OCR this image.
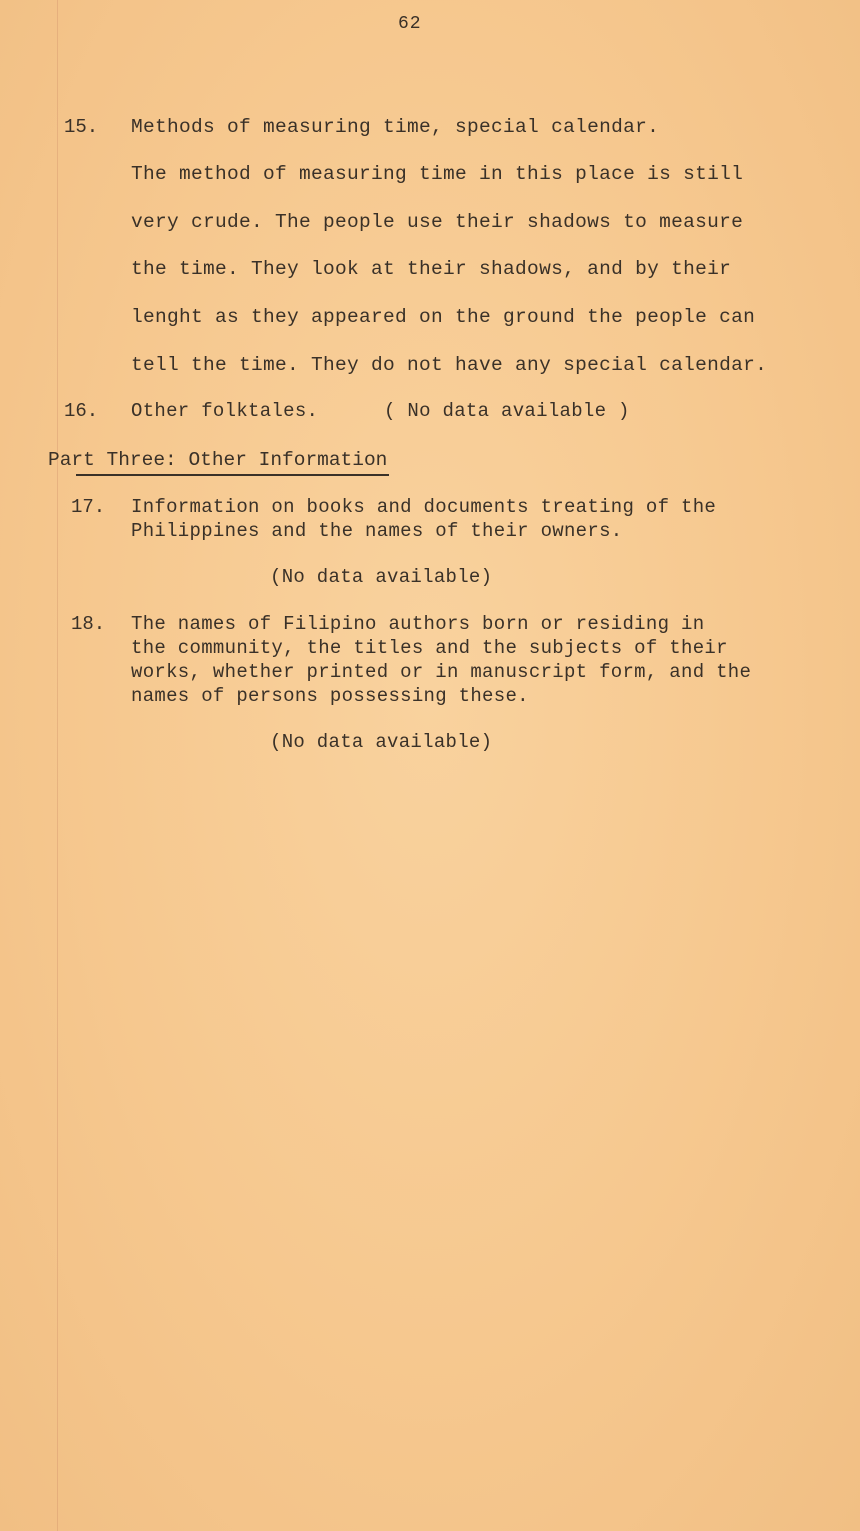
62
15. Methods of measuring time, special calendar.
The method of measuring time in this place is still
very crude. The people use their shadows to measure
the time. They look at their shadows, and by their
lenght as they appeared on the ground the people can
tell the time. They do not have any special calendar.
16. Other folktales.	( No data available )
Part Three: Other Information
17. Information on books and documents treating of the
Philippines and the names of their owners.
(No data available)
18. The names of Filipino authors born or residing in
the community, the titles and the subjects of their
works, whether printed or in manuscript form, and the
names of persons possessing these.
(No data available)
